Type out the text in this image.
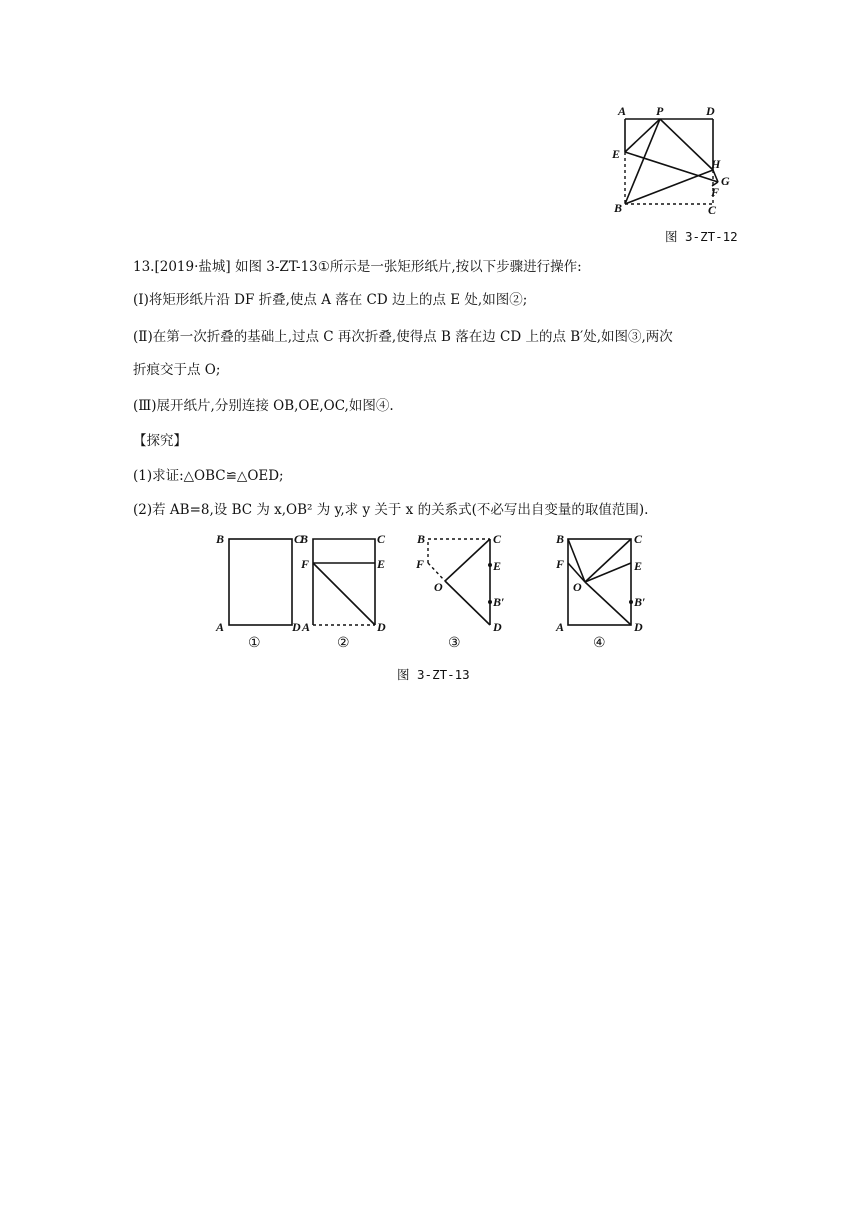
A P	D
E
H
G
F
B	C
图 3-ZT-12
13.[2019·盐城] 如图 3-ZT-13①所示是一张矩形纸片,按以下步骤进行操作:
(Ⅰ)将矩形纸片沿 DF 折叠,使点 A 落在 CD 边上的点 E 处,如图②;
(Ⅱ)在第一次折叠的基础上,过点 C 再次折叠,使得点 B 落在边 CD 上的点 B′处,如图③,两次
折痕交于点 O;
(Ⅲ)展开纸片,分别连接 OB,OE,OC,如图④.
【探究】
(1)求证:△OBC≌△OED;
(2)若 AB=8,设 BC 为 x,OB² 为 y,求 y 关于 x 的关系式(不必写出自变量的取值范围).
B	C
A	D
①
B	C
F	E
A	D
②
B	C
F	E
O
B′
D
③
B	C
F	E
O
B′
A	D
④
图 3-ZT-13
